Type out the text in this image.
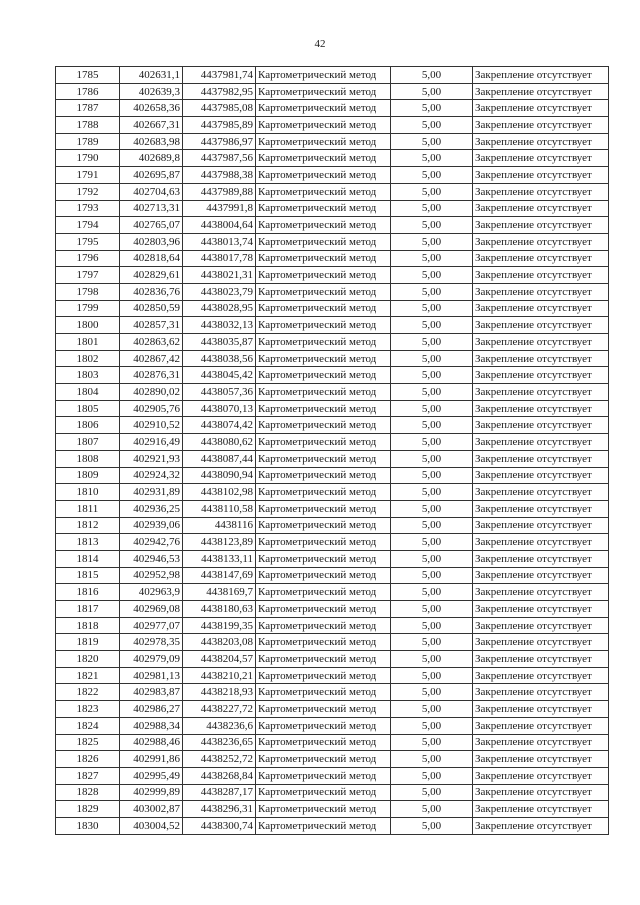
42
1785	402631,1	4437981,74	Картометрический метод	5,00	Закрепление отсутствует
1786	402639,3	4437982,95	Картометрический метод	5,00	Закрепление отсутствует
1787	402658,36	4437985,08	Картометрический метод	5,00	Закрепление отсутствует
1788	402667,31	4437985,89	Картометрический метод	5,00	Закрепление отсутствует
1789	402683,98	4437986,97	Картометрический метод	5,00	Закрепление отсутствует
1790	402689,8	4437987,56	Картометрический метод	5,00	Закрепление отсутствует
1791	402695,87	4437988,38	Картометрический метод	5,00	Закрепление отсутствует
1792	402704,63	4437989,88	Картометрический метод	5,00	Закрепление отсутствует
1793	402713,31	4437991,8	Картометрический метод	5,00	Закрепление отсутствует
1794	402765,07	4438004,64	Картометрический метод	5,00	Закрепление отсутствует
1795	402803,96	4438013,74	Картометрический метод	5,00	Закрепление отсутствует
1796	402818,64	4438017,78	Картометрический метод	5,00	Закрепление отсутствует
1797	402829,61	4438021,31	Картометрический метод	5,00	Закрепление отсутствует
1798	402836,76	4438023,79	Картометрический метод	5,00	Закрепление отсутствует
1799	402850,59	4438028,95	Картометрический метод	5,00	Закрепление отсутствует
1800	402857,31	4438032,13	Картометрический метод	5,00	Закрепление отсутствует
1801	402863,62	4438035,87	Картометрический метод	5,00	Закрепление отсутствует
1802	402867,42	4438038,56	Картометрический метод	5,00	Закрепление отсутствует
1803	402876,31	4438045,42	Картометрический метод	5,00	Закрепление отсутствует
1804	402890,02	4438057,36	Картометрический метод	5,00	Закрепление отсутствует
1805	402905,76	4438070,13	Картометрический метод	5,00	Закрепление отсутствует
1806	402910,52	4438074,42	Картометрический метод	5,00	Закрепление отсутствует
1807	402916,49	4438080,62	Картометрический метод	5,00	Закрепление отсутствует
1808	402921,93	4438087,44	Картометрический метод	5,00	Закрепление отсутствует
1809	402924,32	4438090,94	Картометрический метод	5,00	Закрепление отсутствует
1810	402931,89	4438102,98	Картометрический метод	5,00	Закрепление отсутствует
1811	402936,25	4438110,58	Картометрический метод	5,00	Закрепление отсутствует
1812	402939,06	4438116	Картометрический метод	5,00	Закрепление отсутствует
1813	402942,76	4438123,89	Картометрический метод	5,00	Закрепление отсутствует
1814	402946,53	4438133,11	Картометрический метод	5,00	Закрепление отсутствует
1815	402952,98	4438147,69	Картометрический метод	5,00	Закрепление отсутствует
1816	402963,9	4438169,7	Картометрический метод	5,00	Закрепление отсутствует
1817	402969,08	4438180,63	Картометрический метод	5,00	Закрепление отсутствует
1818	402977,07	4438199,35	Картометрический метод	5,00	Закрепление отсутствует
1819	402978,35	4438203,08	Картометрический метод	5,00	Закрепление отсутствует
1820	402979,09	4438204,57	Картометрический метод	5,00	Закрепление отсутствует
1821	402981,13	4438210,21	Картометрический метод	5,00	Закрепление отсутствует
1822	402983,87	4438218,93	Картометрический метод	5,00	Закрепление отсутствует
1823	402986,27	4438227,72	Картометрический метод	5,00	Закрепление отсутствует
1824	402988,34	4438236,6	Картометрический метод	5,00	Закрепление отсутствует
1825	402988,46	4438236,65	Картометрический метод	5,00	Закрепление отсутствует
1826	402991,86	4438252,72	Картометрический метод	5,00	Закрепление отсутствует
1827	402995,49	4438268,84	Картометрический метод	5,00	Закрепление отсутствует
1828	402999,89	4438287,17	Картометрический метод	5,00	Закрепление отсутствует
1829	403002,87	4438296,31	Картометрический метод	5,00	Закрепление отсутствует
1830	403004,52	4438300,74	Картометрический метод	5,00	Закрепление отсутствует
